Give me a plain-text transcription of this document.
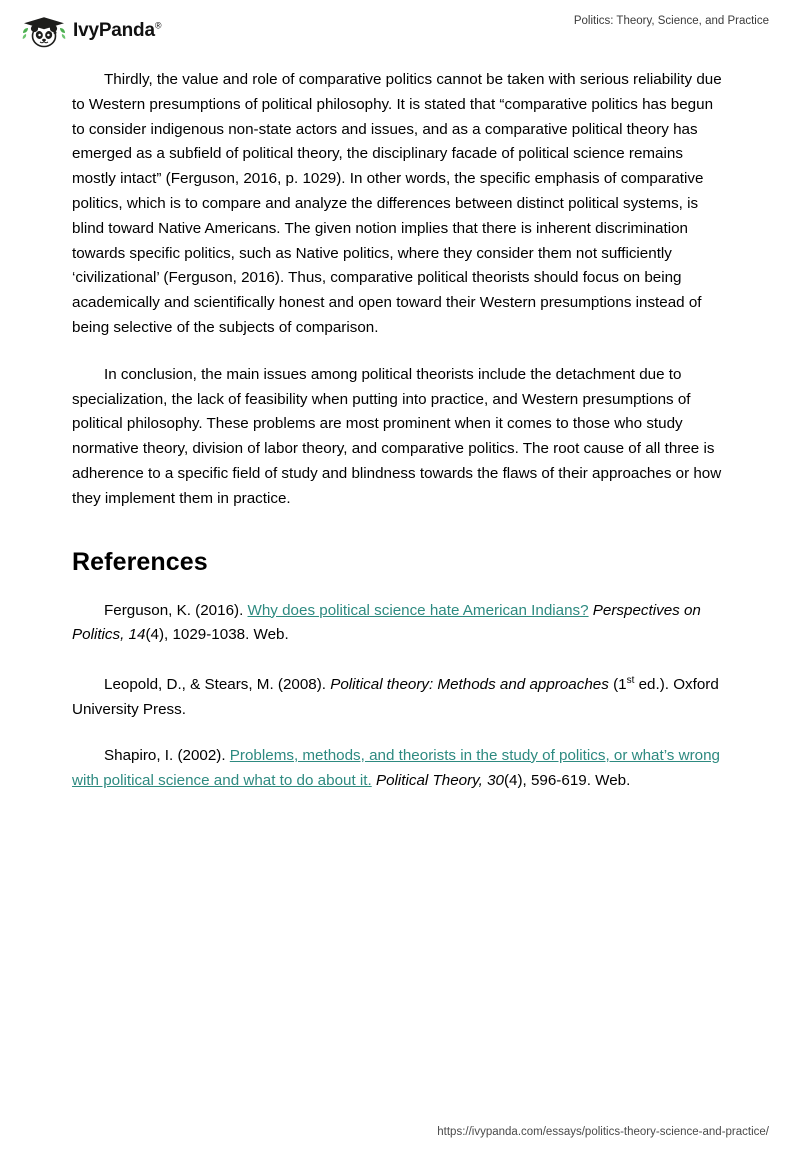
IvyPanda®	Politics: Theory, Science, and Practice

Thirdly, the value and role of comparative politics cannot be taken with serious reliability due to Western presumptions of political philosophy. It is stated that “comparative politics has begun to consider indigenous non-state actors and issues, and as a comparative political theory has emerged as a subfield of political theory, the disciplinary facade of political science remains mostly intact” (Ferguson, 2016, p. 1029). In other words, the specific emphasis of comparative politics, which is to compare and analyze the differences between distinct political systems, is blind toward Native Americans. The given notion implies that there is inherent discrimination towards specific politics, such as Native politics, where they consider them not sufficiently ‘civilizational’ (Ferguson, 2016). Thus, comparative political theorists should focus on being academically and scientifically honest and open toward their Western presumptions instead of being selective of the subjects of comparison.

In conclusion, the main issues among political theorists include the detachment due to specialization, the lack of feasibility when putting into practice, and Western presumptions of political philosophy. These problems are most prominent when it comes to those who study normative theory, division of labor theory, and comparative politics. The root cause of all three is adherence to a specific field of study and blindness towards the flaws of their approaches or how they implement them in practice.

References

Ferguson, K. (2016). Why does political science hate American Indians? Perspectives on Politics, 14(4), 1029-1038. Web.

Leopold, D., & Stears, M. (2008). Political theory: Methods and approaches (1st ed.). Oxford University Press.

Shapiro, I. (2002). Problems, methods, and theorists in the study of politics, or what’s wrong with political science and what to do about it. Political Theory, 30(4), 596-619. Web.

https://ivypanda.com/essays/politics-theory-science-and-practice/
